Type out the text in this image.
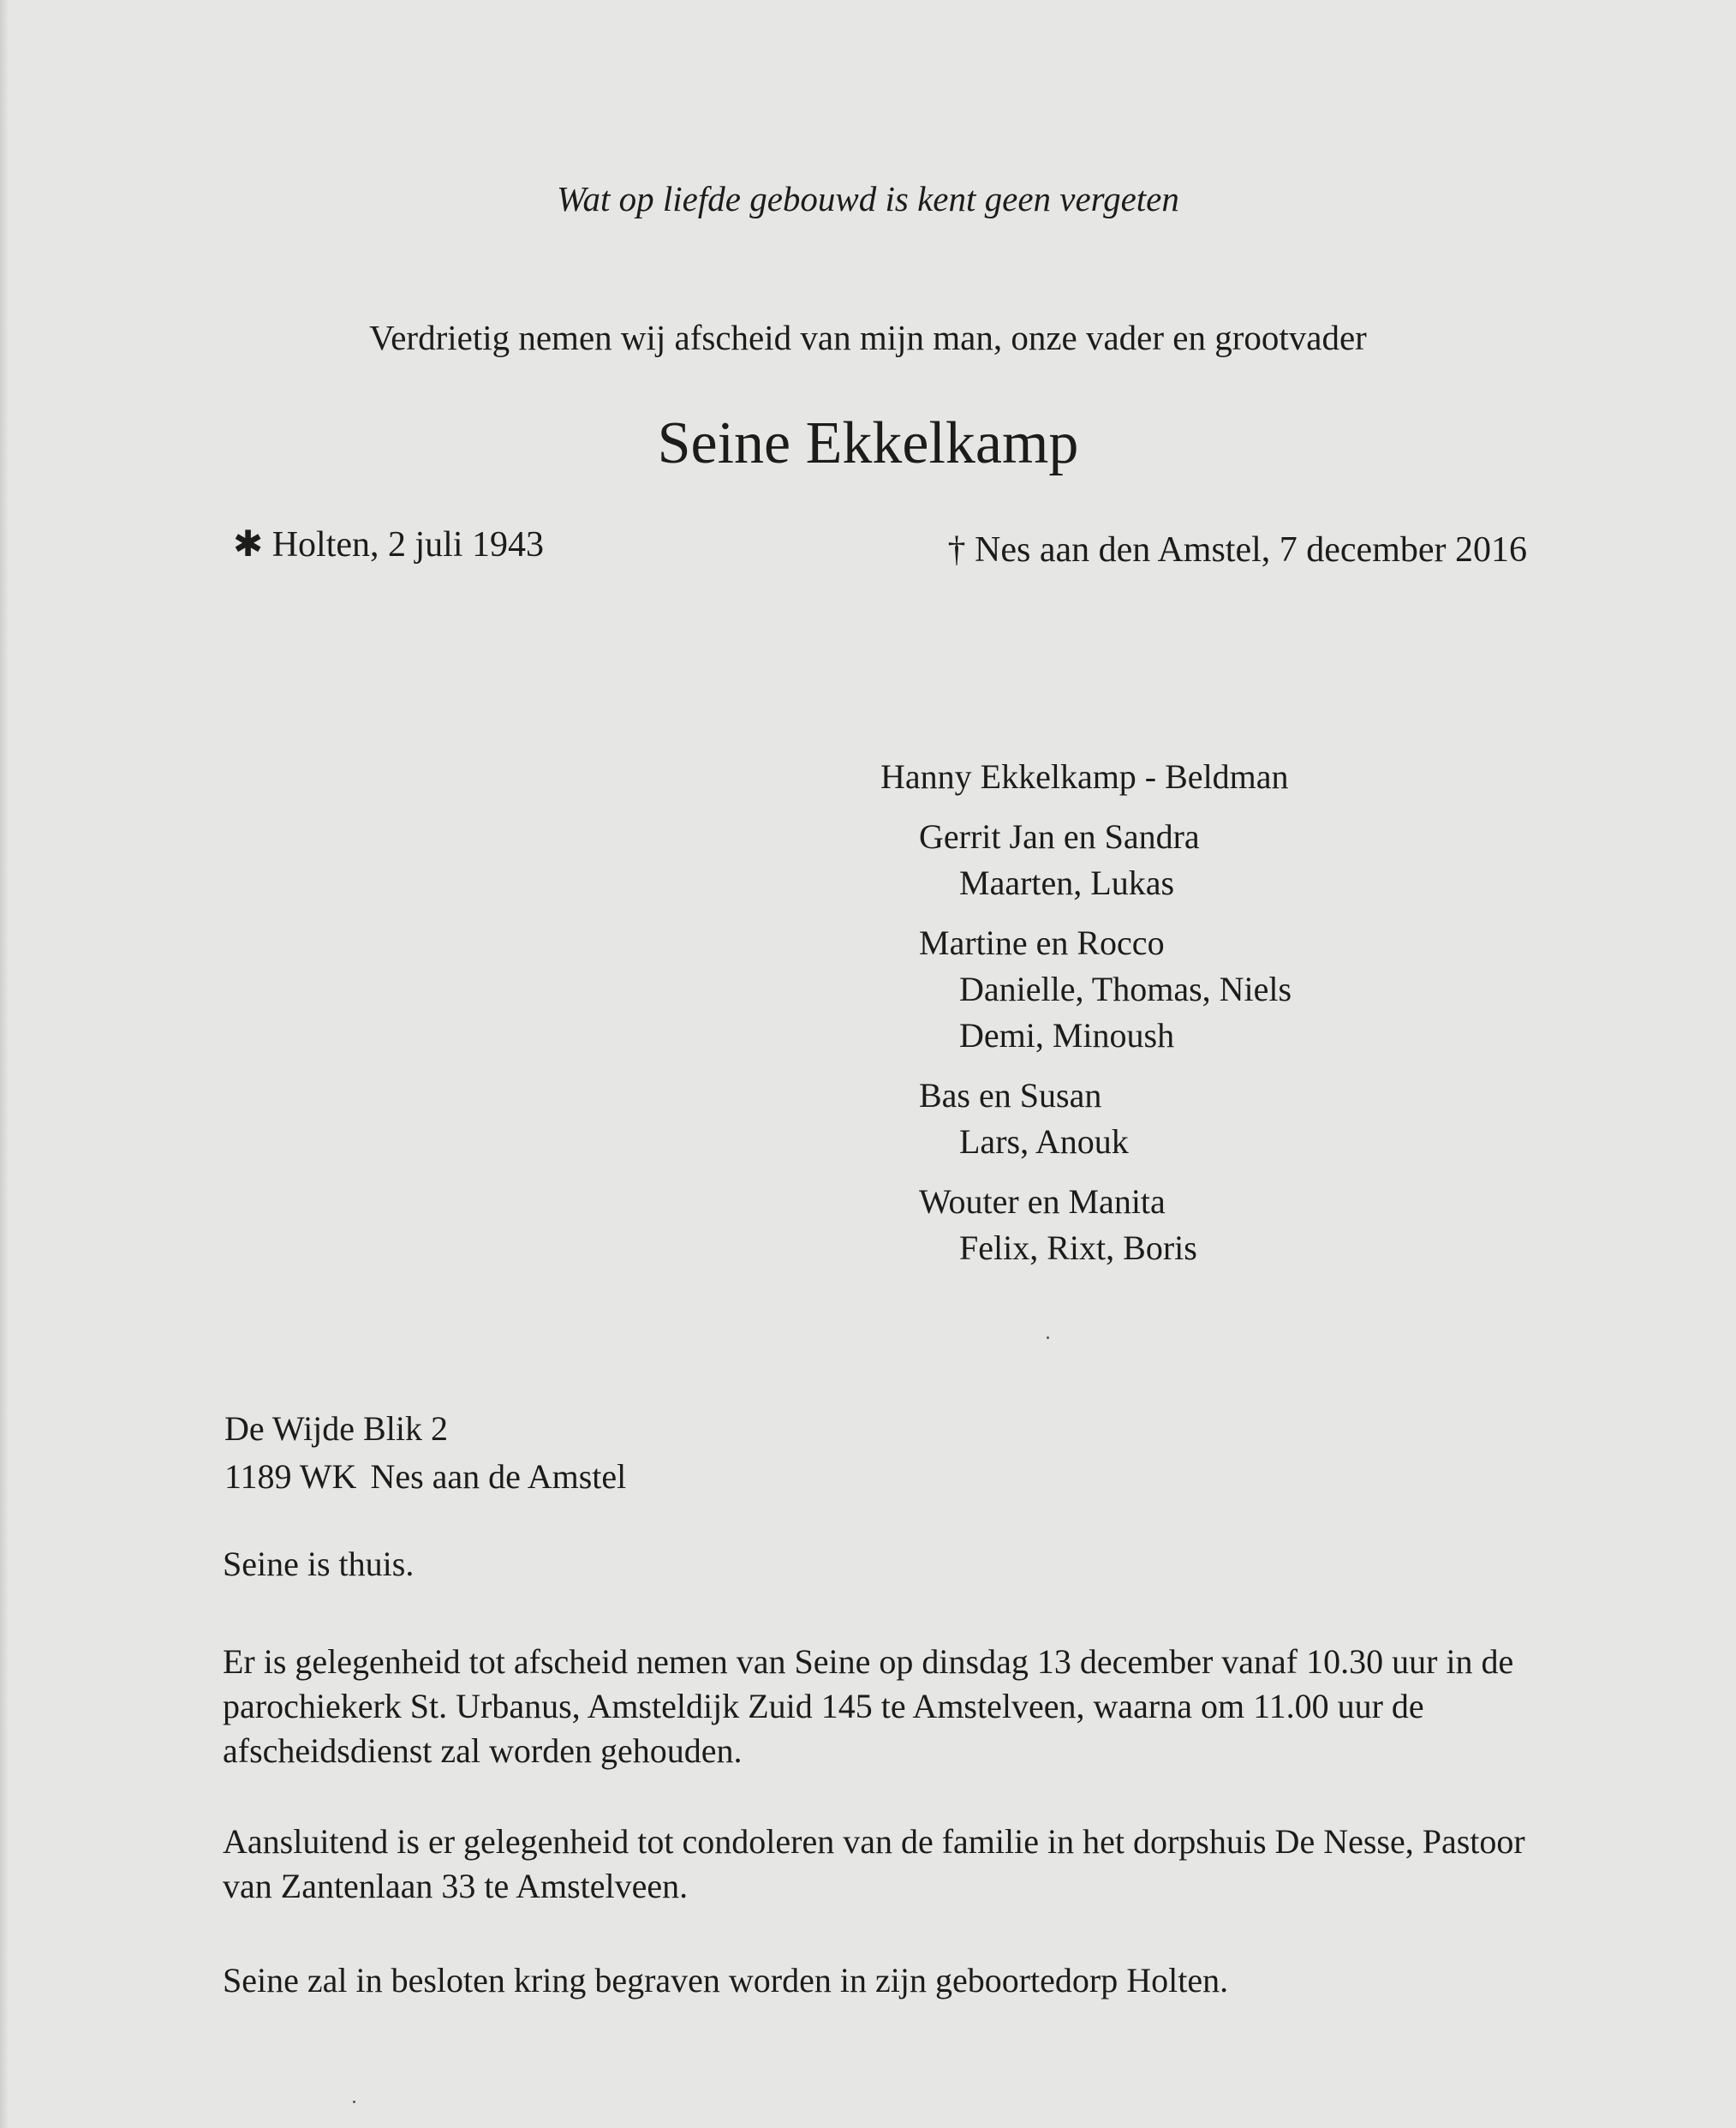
Wat op liefde gebouwd is kent geen vergeten
Verdrietig nemen wij afscheid van mijn man, onze vader en grootvader
Seine Ekkelkamp
✱ Holten, 2 juli 1943	† Nes aan den Amstel, 7 december 2016
Hanny Ekkelkamp - Beldman
Gerrit Jan en Sandra
Maarten, Lukas
Martine en Rocco
Danielle, Thomas, Niels
Demi, Minoush
Bas en Susan
Lars, Anouk
Wouter en Manita
Felix, Rixt, Boris
De Wijde Blik 2
1189 WK Nes aan de Amstel
Seine is thuis.
Er is gelegenheid tot afscheid nemen van Seine op dinsdag 13 december vanaf 10.30 uur in de parochiekerk St. Urbanus, Amsteldijk Zuid 145 te Amstelveen, waarna om 11.00 uur de afscheidsdienst zal worden gehouden.
Aansluitend is er gelegenheid tot condoleren van de familie in het dorpshuis De Nesse, Pastoor van Zantenlaan 33 te Amstelveen.
Seine zal in besloten kring begraven worden in zijn geboortedorp Holten.
